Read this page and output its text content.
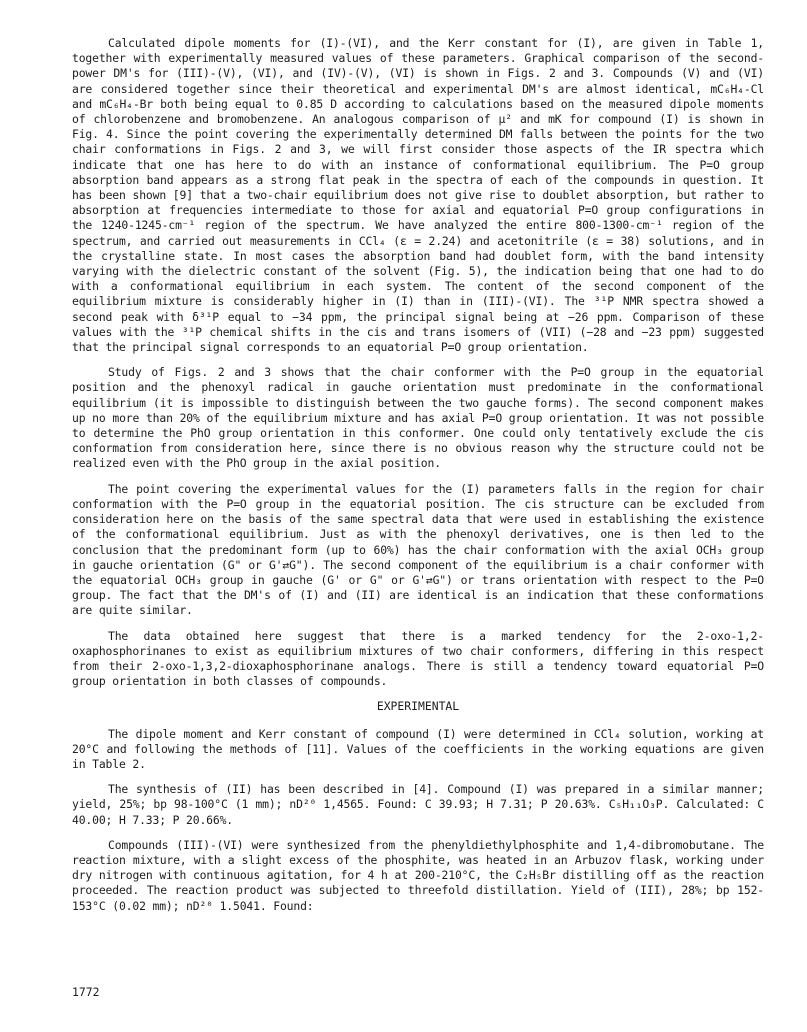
Calculated dipole moments for (I)-(VI), and the Kerr constant for (I), are given in Table 1, together with experimentally measured values of these parameters. Graphical comparison of the second-power DM's for (III)-(V), (VI), and (IV)-(V), (VI) is shown in Figs. 2 and 3. Compounds (V) and (VI) are considered together since their theoretical and experimental DM's are almost identical, mC₆H₄-Cl and mC₆H₄-Br both being equal to 0.85 D according to calculations based on the measured dipole moments of chlorobenzene and bromobenzene. An analogous comparison of μ² and mK for compound (I) is shown in Fig. 4. Since the point covering the experimentally determined DM falls between the points for the two chair conformations in Figs. 2 and 3, we will first consider those aspects of the IR spectra which indicate that one has here to do with an instance of conformational equilibrium. The P=O group absorption band appears as a strong flat peak in the spectra of each of the compounds in question. It has been shown [9] that a two-chair equilibrium does not give rise to doublet absorption, but rather to absorption at frequencies intermediate to those for axial and equatorial P=O group configurations in the 1240-1245-cm⁻¹ region of the spectrum. We have analyzed the entire 800-1300-cm⁻¹ region of the spectrum, and carried out measurements in CCl₄ (ε = 2.24) and acetonitrile (ε = 38) solutions, and in the crystalline state. In most cases the absorption band had doublet form, with the band intensity varying with the dielectric constant of the solvent (Fig. 5), the indication being that one had to do with a conformational equilibrium in each system. The content of the second component of the equilibrium mixture is considerably higher in (I) than in (III)-(VI). The ³¹P NMR spectra showed a second peak with δ³¹P equal to −34 ppm, the principal signal being at −26 ppm. Comparison of these values with the ³¹P chemical shifts in the cis and trans isomers of (VII) (−28 and −23 ppm) suggested that the principal signal corresponds to an equatorial P=O group orientation.

Study of Figs. 2 and 3 shows that the chair conformer with the P=O group in the equatorial position and the phenoxyl radical in gauche orientation must predominate in the conformational equilibrium (it is impossible to distinguish between the two gauche forms). The second component makes up no more than 20% of the equilibrium mixture and has axial P=O group orientation. It was not possible to determine the PhO group orientation in this conformer. One could only tentatively exclude the cis conformation from consideration here, since there is no obvious reason why the structure could not be realized even with the PhO group in the axial position.

The point covering the experimental values for the (I) parameters falls in the region for chair conformation with the P=O group in the equatorial position. The cis structure can be excluded from consideration here on the basis of the same spectral data that were used in establishing the existence of the conformational equilibrium. Just as with the phenoxyl derivatives, one is then led to the conclusion that the predominant form (up to 60%) has the chair conformation with the axial OCH₃ group in gauche orientation (G" or G'⇄G"). The second component of the equilibrium is a chair conformer with the equatorial OCH₃ group in gauche (G' or G" or G'⇄G") or trans orientation with respect to the P=O group. The fact that the DM's of (I) and (II) are identical is an indication that these conformations are quite similar.

The data obtained here suggest that there is a marked tendency for the 2-oxo-1,2-oxaphosphorinanes to exist as equilibrium mixtures of two chair conformers, differing in this respect from their 2-oxo-1,3,2-dioxaphosphorinane analogs. There is still a tendency toward equatorial P=O group orientation in both classes of compounds.

EXPERIMENTAL

The dipole moment and Kerr constant of compound (I) were determined in CCl₄ solution, working at 20°C and following the methods of [11]. Values of the coefficients in the working equations are given in Table 2.

The synthesis of (II) has been described in [4]. Compound (I) was prepared in a similar manner; yield, 25%; bp 98-100°C (1 mm); nD²⁰ 1,4565. Found: C 39.93; H 7.31; P 20.63%. C₅H₁₁O₃P. Calculated: C 40.00; H 7.33; P 20.66%.

Compounds (III)-(VI) were synthesized from the phenyldiethylphosphite and 1,4-dibromobutane. The reaction mixture, with a slight excess of the phosphite, was heated in an Arbuzov flask, working under dry nitrogen with continuous agitation, for 4 h at 200-210°C, the C₂H₅Br distilling off as the reaction proceeded. The reaction product was subjected to threefold distillation. Yield of (III), 28%; bp 152-153°C (0.02 mm); nD²⁰ 1.5041. Found:

1772
